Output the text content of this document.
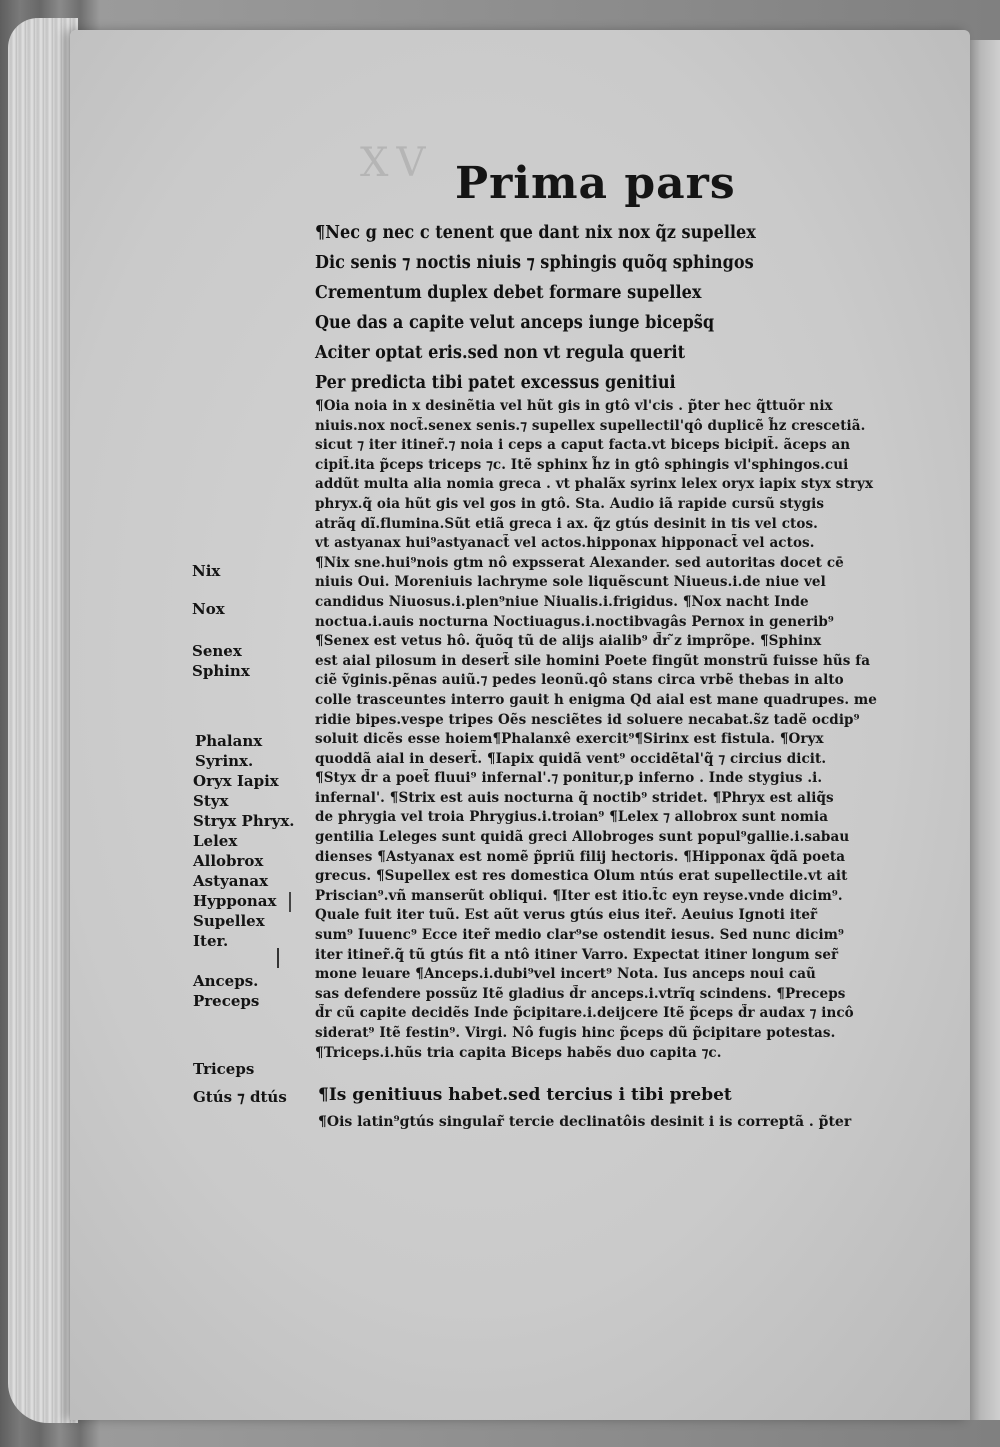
XV Prima pars
¶Nec g nec c tenent que dant nix nox q̃z supellex
Dic senis ⁊ noctis niuis ⁊ sphingis quõq sphingos
Crementum duplex debet formare supellex
Que das a capite velut anceps iunge biceps̃q
Aciter optat eris.sed non vt regula querit
Per predicta tibi patet excessus genitiui
¶Oia noia in x desinẽtia vel hũt gis in gtô vl'cis . p̃ter hec q̃ttuõr nix
niuis.nox noct̃.senex senis.⁊ supellex supellectil'qô duplicẽ h̃z crescetiã.
sicut ⁊ iter itiner̃.⁊ noia i ceps a caput facta.vt biceps bicipit̃. ãceps an
cipit̃.ita p̃ceps triceps ⁊c. Itẽ sphinx h̃z in gtô sphingis vl'sphingos.cui
addũt multa alia nomia greca . vt phalãx syrinx lelex oryx iapix styx stryx
phryx.q̃ oia hũt gis vel gos in gtô. Sta. Audio iã rapide cursũ stygis
atrãq dĩ.flumina.Sũt etiã greca i ax. q̃z gtús desinit in tis vel ctos.
vt astyanax hui⁹astyanact̃ vel actos.hipponax hipponact̃ vel actos.
¶Nix sne.hui⁹nois gtm nô expsserat Alexander. sed autoritas docet cē
niuis Oui. Moreniuis lachryme sole liquẽscunt Niueus.i.de niue vel
candidus Niuosus.i.plen⁹niue Niualis.i.frigidus. ¶Nox nacht Inde
noctua.i.auis nocturna Noctiuagus.i.noctibvagâs Pernox in generib⁹
¶Senex est vetus hô. q̃uõq tũ de alijs aialib⁹ d̃r ̃z imprõpe. ¶Sphinx
est aial pilosum in desert̃ sile homini Poete fingũt monstrũ fuisse hũs fa
ciẽ ṽginis.pẽnas auiũ.⁊ pedes leonũ.qô stans circa vrbẽ thebas in alto
colle trasceuntes interro gauit h enigma Qd aial est mane quadrupes. me
ridie bipes.vespe tripes Oẽs nesciẽtes id soluere necabat.s̃z tadẽ ocdip⁹
soluit dicẽs esse hoiem¶Phalanxê exercit⁹¶Sirinx est fistula. ¶Oryx
quoddã aial in desert̃. ¶Iapix quidã vent⁹ occidẽtal'q̃ ⁊ circius dicit.
¶Styx d̃r a poet̃ fluui⁹ infernal'.⁊ ponitur,p inferno . Inde stygius .i.
infernal'. ¶Strix est auis nocturna q̃ noctib⁹ stridet. ¶Phryx est aliq̃s
de phrygia vel troia Phrygius.i.troian⁹ ¶Lelex ⁊ allobrox sunt nomia
gentilia Leleges sunt quidã greci Allobroges sunt popul⁹gallie.i.sabau
dienses ¶Astyanax est nomẽ p̃priũ filij hectoris. ¶Hipponax q̃dã poeta
grecus. ¶Supellex est res domestica Olum ntús erat supellectile.vt ait
Priscian⁹.vñ manserũt obliqui. ¶Iter est itio.t̃c eyn reyse.vnde dicim⁹.
Quale fuit iter tuũ. Est aũt verus gtús eius iter̃. Aeuius Ignoti iter̃
sum⁹ Iuuenc⁹ Ecce iter̃ medio clar⁹se ostendit iesus. Sed nunc dicim⁹
iter itiner̃.q̃ tũ gtús fit a ntô itiner Varro. Expectat itiner longum ser̃
mone leuare ¶Anceps.i.dubi⁹vel incert⁹ Nota. Ius anceps noui caũ
sas defendere possũz Itẽ gladius d̃r anceps.i.vtrĩq scindens. ¶Preceps
d̃r cũ capite decidẽs Inde p̃cipitare.i.deijcere Itẽ p̃ceps d̃r audax ⁊ incô
siderat⁹ Itẽ festin⁹. Virgi. Nô fugis hinc p̃ceps dũ p̃cipitare potestas.
¶Triceps.i.hũs tria capita Biceps habẽs duo capita ⁊c.
¶Is genitiuus habet.sed tercius i tibi prebet
¶Ois latin⁹gtús singular̃ tercie declinatôis desinit i is correptã . p̃ter
Nix
Nox
Senex
Sphinx
Phalanx
Syrinx.
Oryx Iapix
Styx
Stryx Phryx.
Lelex
Allobrox
Astyanax
Hypponax
Supellex
Iter.
Anceps.
Preceps
Triceps
Gtús ⁊ dtús
